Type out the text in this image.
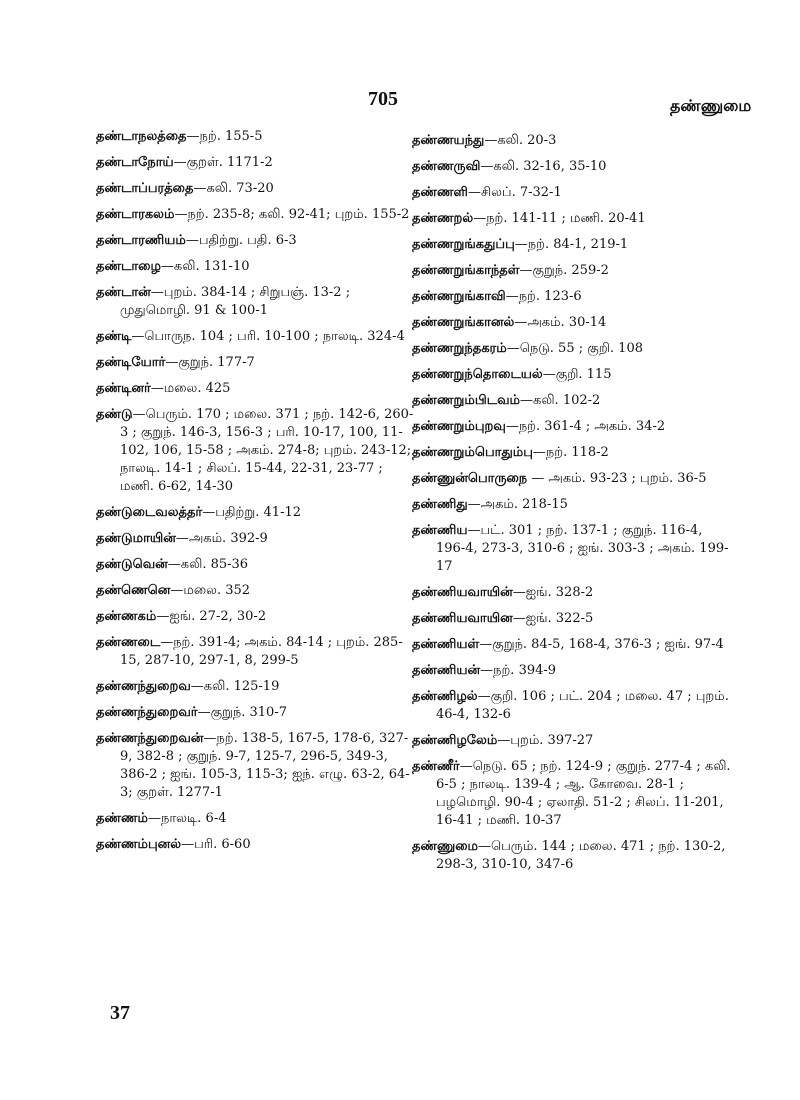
705	தண்ணுமை
தண்டாநலத்தை—நற். 155-5
தண்டாநோய்—குறள். 1171-2
தண்டாப்பரத்தை—கலி. 73-20
தண்டாரகலம்—நற். 235-8; கலி. 92-41; புறம். 155-2
தண்டாரணியம்—பதிற்று. பதி. 6-3
தண்டாழை—கலி. 131-10
தண்டான்—புறம். 384-14 ; சிறுபஞ். 13-2 ; முதுமொழி. 91 & 100-1
தண்டி—பொருந. 104 ; பரி. 10-100 ; நாலடி. 324-4
தண்டியோர்—குறுந். 177-7
தண்டினர்—மலை. 425
தண்டு—பெரும். 170 ; மலை. 371 ; நற். 142-6, 260-3 ; குறுந். 146-3, 156-3 ; பரி. 10-17, 100, 11-102, 106, 15-58 ; அகம். 274-8; புறம். 243-12; நாலடி. 14-1 ; சிலப். 15-44, 22-31, 23-77 ; மணி. 6-62, 14-30
தண்டுடைவலத்தர்—பதிற்று. 41-12
தண்டுமாயின்—அகம். 392-9
தண்டுவென்—கலி. 85-36
தண்ணெனெ—மலை. 352
தண்ணகம்—ஐங். 27-2, 30-2
தண்ணடை—நற். 391-4; அகம். 84-14 ; புறம். 285-15, 287-10, 297-1, 8, 299-5
தண்ணந்துறைவ—கலி. 125-19
தண்ணந்துறைவர்—குறுந். 310-7
தண்ணந்துறைவன்—நற். 138-5, 167-5, 178-6, 327-9, 382-8 ; குறுந். 9-7, 125-7, 296-5, 349-3, 386-2 ; ஐங். 105-3, 115-3; ஐந். எழு. 63-2, 64-3; குறள். 1277-1
தண்ணம்—நாலடி. 6-4
தண்ணம்புனல்—பரி. 6-60
தண்ணயந்து—கலி. 20-3
தண்ணருவி—கலி. 32-16, 35-10
தண்ணளி—சிலப். 7-32-1
தண்ணறல்—நற். 141-11 ; மணி. 20-41
தண்ணறுங்கதுப்பு—நற். 84-1, 219-1
தண்ணறுங்காந்தள்—குறுந். 259-2
தண்ணறுங்காவி—நற். 123-6
தண்ணறுங்கானல்—அகம். 30-14
தண்ணறுந்தகரம்—நெடு. 55 ; குறி. 108
தண்ணறுந்தொடையல்—குறி. 115
தண்ணறும்பிடவம்—கலி. 102-2
தண்ணறும்புறவு—நற். 361-4 ; அகம். 34-2
தண்ணறும்பொதும்பு—நற். 118-2
தண்ணுன்பொருநை — அகம். 93-23 ; புறம். 36-5
தண்ணிது—அகம். 218-15
தண்ணிய—பட். 301 ; நற். 137-1 ; குறுந். 116-4, 196-4, 273-3, 310-6 ; ஐங். 303-3 ; அகம். 199-17
தண்ணியவாயின்—ஐங். 328-2
தண்ணியவாயின—ஐங். 322-5
தண்ணியள்—குறுந். 84-5, 168-4, 376-3 ; ஐங். 97-4
தண்ணியன்—நற். 394-9
தண்ணிழல்—குறி. 106 ; பட். 204 ; மலை. 47 ; புறம். 46-4, 132-6
தண்ணிழலேம்—புறம். 397-27
தண்ணீர்—நெடு. 65 ; நற். 124-9 ; குறுந். 277-4 ; கலி. 6-5 ; நாலடி. 139-4 ; ஆ. கோவை. 28-1 ; பழமொழி. 90-4 ; ஏலாதி. 51-2 ; சிலப். 11-201, 16-41 ; மணி. 10-37
தண்ணுமை—பெரும். 144 ; மலை. 471 ; நற். 130-2, 298-3, 310-10, 347-6
37
